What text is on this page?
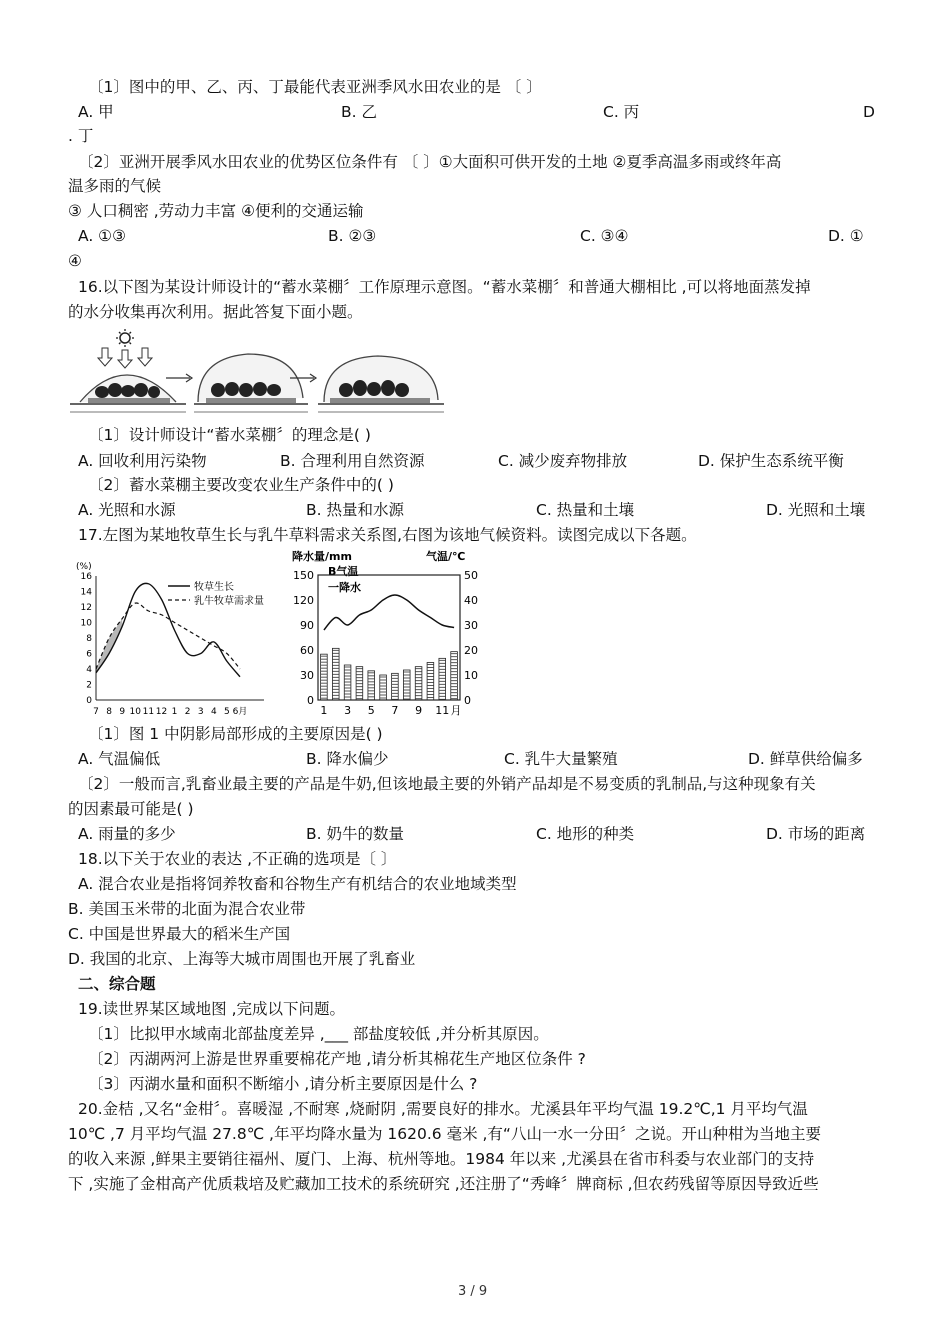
〔1〕图中的甲、乙、丙、丁最能代表亚洲季风水田农业的是 〔 〕
A. 甲	B. 乙	C. 丙	D
. 丁
〔2〕亚洲开展季风水田农业的优势区位条件有 〔 〕①大面积可供开发的土地 ②夏季高温多雨或终年高
温多雨的气候
③ 人口稠密 ,劳动力丰富 ④便利的交通运输
A. ①③	B. ②③	C. ③④	D. ①
④
16.以下图为某设计师设计的“蓄水菜棚〞工作原理示意图。“蓄水菜棚〞和普通大棚相比 ,可以将地面蒸发掉
的水分收集再次利用。据此答复下面小题。
〔1〕设计师设计“蓄水菜棚〞的理念是( )
A. 回收利用污染物	B. 合理利用自然资源	C. 减少废弃物排放	D. 保护生态系统平衡
〔2〕蓄水菜棚主要改变农业生产条件中的( )
A. 光照和水源	B. 热量和水源	C. 热量和土壤	D. 光照和土壤
17.左图为某地牧草生长与乳牛草料需求关系图,右图为该地气候资料。读图完成以下各题。
(%)
16
14
12
10
8
6
4
2
0
7 8 9 10 11 12 1 2 3 4 5 6月
牧草生长
乳牛牧草需求量
降水量/mm	气温/℃
B气温
一降水
150
120
90
60
30
0
50
40
30
20
10
0
1 3 5 7 9 11 月
〔1〕图 1 中阴影局部形成的主要原因是( )
A. 气温偏低	B. 降水偏少	C. 乳牛大量繁殖	D. 鲜草供给偏多
〔2〕一般而言,乳畜业最主要的产品是牛奶,但该地最主要的外销产品却是不易变质的乳制品,与这种现象有关
的因素最可能是( )
A. 雨量的多少	B. 奶牛的数量	C. 地形的种类	D. 市场的距离
18.以下关于农业的表达 ,不正确的选项是〔 〕
A. 混合农业是指将饲养牧畜和谷物生产有机结合的农业地域类型
B. 美国玉米带的北面为混合农业带
C. 中国是世界最大的稻米生产国
D. 我国的北京、上海等大城市周围也开展了乳畜业
二、综合题
19.读世界某区域地图 ,完成以下问题。
〔1〕比拟甲水域南北部盐度差异 ,___ 部盐度较低 ,并分析其原因。
〔2〕丙湖两河上游是世界重要棉花产地 ,请分析其棉花生产地区位条件 ?
〔3〕丙湖水量和面积不断缩小 ,请分析主要原因是什么 ?
20.金桔 ,又名“金柑〞。喜暖湿 ,不耐寒 ,烧耐阴 ,需要良好的排水。尤溪县年平均气温 19.2℃,1 月平均气温
10℃ ,7 月平均气温 27.8℃ ,年平均降水量为 1620.6 毫米 ,有“八山一水一分田〞之说。开山种柑为当地主要
的收入来源 ,鲜果主要销往福州、厦门、上海、杭州等地。1984 年以来 ,尤溪县在省市科委与农业部门的支持
下 ,实施了金柑高产优质栽培及贮藏加工技术的系统研究 ,还注册了“秀峰〞牌商标 ,但农药残留等原因导致近些
3 / 9
